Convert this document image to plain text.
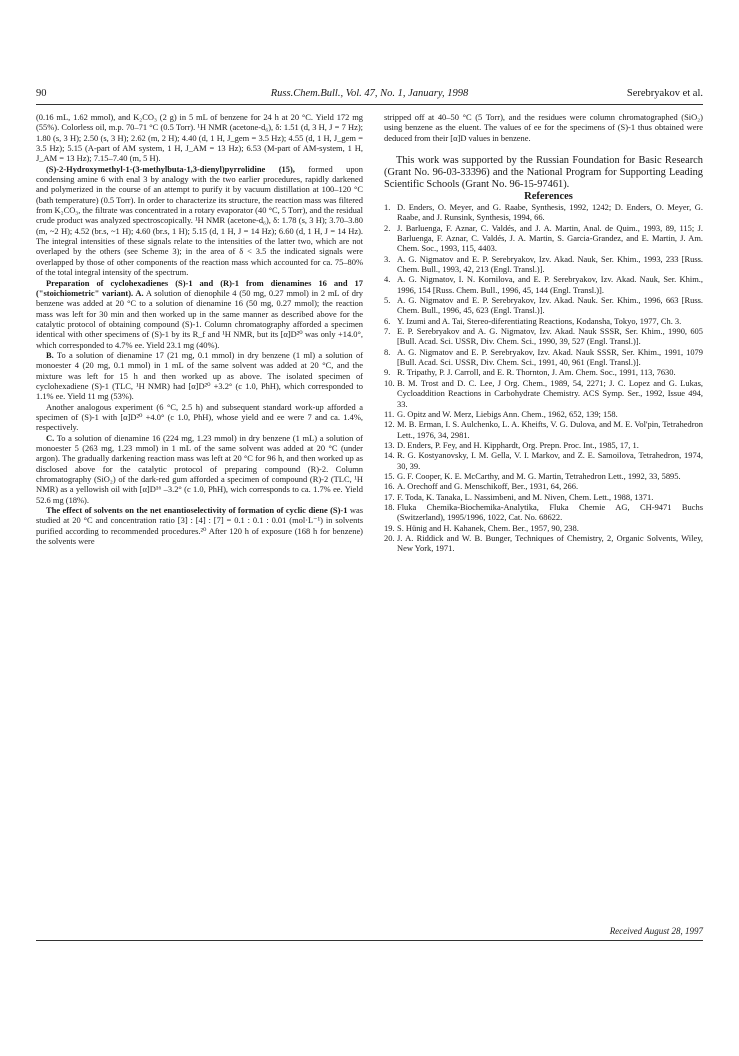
90	Russ.Chem.Bull., Vol. 47, No. 1, January, 1998	Serebryakov et al.

(0.16 mL, 1.62 mmol), and K₂CO₃ (2 g) in 5 mL of benzene for 24 h at 20 °C. Yield 172 mg (55%). Colorless oil, m.p. 70–71 °C (0.5 Torr). ¹H NMR (acetone-d₆), δ: 1.51 (d, 3 H, J = 7 Hz); 1.80 (s, 3 H); 2.50 (s, 3 H); 2.62 (m, 2 H); 4.40 (d, 1 H, J_gem = 3.5 Hz); 4.55 (d, 1 H, J_gem = 3.5 Hz); 5.15 (A-part of AM system, 1 H, J_AM = 13 Hz); 6.53 (M-part of AM-system, 1 H, J_AM = 13 Hz); 7.15–7.40 (m, 5 H).

(S)-2-Hydroxymethyl-1-(3-methylbuta-1,3-dienyl)pyrrolidine (15), formed upon condensing amine 6 with enal 3 by analogy with the two earlier procedures, rapidly darkened and polymerized in the course of an attempt to purify it by vacuum distillation at 100–120 °C (bath temperature) (0.5 Torr). In order to characterize its structure, the reaction mass was filtered from K₂CO₃, the filtrate was concentrated in a rotary evaporator (40 °C, 5 Torr), and the residual crude product was analyzed spectroscopically. ¹H NMR (acetone-d₆), δ: 1.78 (s, 3 H); 3.70–3.80 (m, ~2 H); 4.52 (br.s, ~1 H); 4.60 (br.s, 1 H); 5.15 (d, 1 H, J = 14 Hz); 6.60 (d, 1 H, J = 14 Hz). The integral intensities of these signals relate to the intensities of the latter two, which are not overlaped by the others (see Scheme 3); in the area of δ < 3.5 the indicated signals were overlapped by those of other components of the reaction mass which accounted for ca. 75–80% of the total integral intensity of the spectrum.

Preparation of cyclohexadienes (S)-1 and (R)-1 from dienamines 16 and 17 ("stoichiometric" variant). A. A solution of dienophile 4 (50 mg, 0.27 mmol) in 2 mL of dry benzene was added at 20 °C to a solution of dienamine 16 (50 mg, 0.27 mmol); the reaction mass was left for 30 min and then worked up in the same manner as described above for the catalytic protocol of obtaining compound (S)-1. Column chromatography afforded a specimen identical with other specimens of (S)-1 by its R_f and ¹H NMR, but its [α]D²⁰ was only +14.0°, which corresponded to 4.7% ee. Yield 23.1 mg (40%).

B. To a solution of dienamine 17 (21 mg, 0.1 mmol) in dry benzene (1 ml) a solution of monoester 4 (20 mg, 0.1 mmol) in 1 mL of the same solvent was added at 20 °C, and the mixture was left for 15 h and then worked up as above. The isolated specimen of cyclohexadiene (S)-1 (TLC, ¹H NMR) had [α]D²⁰ +3.2° (c 1.0, PhH), which corresponded to 1.1% ee. Yield 11 mg (53%).

Another analogous experiment (6 °C, 2.5 h) and subsequent standard work-up afforded a specimen of (S)-1 with [α]D²⁰ +4.0° (c 1.0, PhH), whose yield and ee were 7 and ca. 1.4%, respectively.

C. To a solution of dienamine 16 (224 mg, 1.23 mmol) in dry benzene (1 mL) a solution of monoester 5 (263 mg, 1.23 mmol) in 1 mL of the same solvent was added at 20 °C (under argon). The gradually darkening reaction mass was left at 20 °C for 96 h, and then worked up as disclosed above for the catalytic protocol of preparing compound (R)-2. Column chromatography (SiO₂) of the dark-red gum afforded a specimen of compound (R)-2 (TLC, ¹H NMR) as a yellowish oil with [α]D¹⁶ –3.2° (c 1.0, PhH), wich corresponds to ca. 1.7% ee. Yield 52.6 mg (18%).

The effect of solvents on the net enantioselectivity of formation of cyclic diene (S)-1 was studied at 20 °C and concentration ratio [3] : [4] : [7] = 0.1 : 0.1 : 0.01 (mol·L⁻¹) in solvents purified according to recommended procedures.²⁰ After 120 h of exposure (168 h for benzene) the solvents were

stripped off at 40–50 °C (5 Torr), and the residues were column chromatographed (SiO₂) using benzene as the eluent. The values of ee for the specimens of (S)-1 thus obtained were deduced from their [α]D values in benzene.

This work was supported by the Russian Foundation for Basic Research (Grant No. 96-03-33396) and the National Program for Supporting Leading Scientific Schools (Grant No. 96-15-97461).

References

1. D. Enders, O. Meyer, and G. Raabe, Synthesis, 1992, 1242; D. Enders, O. Meyer, G. Raabe, and J. Runsink, Synthesis, 1994, 66.
2. J. Barluenga, F. Aznar, C. Valdés, and J. A. Martin, Anal. de Quim., 1993, 89, 115; J. Barluenga, F. Aznar, C. Valdés, J. A. Martin, S. Garcia-Grandez, and E. Martin, J. Am. Chem. Soc., 1993, 115, 4403.
3. A. G. Nigmatov and E. P. Serebryakov, Izv. Akad. Nauk, Ser. Khim., 1993, 233 [Russ. Chem. Bull., 1993, 42, 213 (Engl. Transl.)].
4. A. G. Nigmatov, I. N. Kornilova, and E. P. Serebryakov, Izv. Akad. Nauk, Ser. Khim., 1996, 154 [Russ. Chem. Bull., 1996, 45, 144 (Engl. Transl.)].
5. A. G. Nigmatov and E. P. Serebryakov, Izv. Akad. Nauk. Ser. Khim., 1996, 663 [Russ. Chem. Bull., 1996, 45, 623 (Engl. Transl.)].
6. Y. Izumi and A. Tai, Stereo-diferentiating Reactions, Kodansha, Tokyo, 1977, Ch. 3.
7. E. P. Serebryakov and A. G. Nigmatov, Izv. Akad. Nauk SSSR, Ser. Khim., 1990, 605 [Bull. Acad. Sci. USSR, Div. Chem. Sci., 1990, 39, 527 (Engl. Transl.)].
8. A. G. Nigmatov and E. P. Serebryakov, Izv. Akad. Nauk SSSR, Ser. Khim., 1991, 1079 [Bull. Acad. Sci. USSR, Div. Chem. Sci., 1991, 40, 961 (Engl. Transl.)].
9. R. Tripathy, P. J. Carroll, and E. R. Thornton, J. Am. Chem. Soc., 1991, 113, 7630.
10. B. M. Trost and D. C. Lee, J Org. Chem., 1989, 54, 2271; J. C. Lopez and G. Lukas, Cycloaddition Reactions in Carbohydrate Chemistry. ACS Symp. Ser., 1992, Issue 494, 33.
11. G. Opitz and W. Merz, Liebigs Ann. Chem., 1962, 652, 139; 158.
12. M. B. Erman, I. S. Aulchenko, L. A. Kheifts, V. G. Dulova, and M. E. Vol'pin, Tetrahedron Lett., 1976, 34, 2981.
13. D. Enders, P. Fey, and H. Kipphardt, Org. Prepn. Proc. Int., 1985, 17, 1.
14. R. G. Kostyanovsky, I. M. Gella, V. I. Markov, and Z. E. Samoilova, Tetrahedron, 1974, 30, 39.
15. G. F. Cooper, K. E. McCarthy, and M. G. Martin, Tetrahedron Lett., 1992, 33, 5895.
16. A. Orechoff and G. Menschikoff, Ber., 1931, 64, 266.
17. F. Toda, K. Tanaka, L. Nassimbeni, and M. Niven, Chem. Lett., 1988, 1371.
18. Fluka Chemika-Biochemika-Analytika, Fluka Chemie AG, CH-9471 Buchs (Switzerland), 1995/1996, 1022, Cat. No. 68622.
19. S. Hünig and H. Kahanek, Chem. Ber., 1957, 90, 238.
20. J. A. Riddick and W. B. Bunger, Techniques of Chemistry, 2, Organic Solvents, Wiley, New York, 1971.
Received August 28, 1997
